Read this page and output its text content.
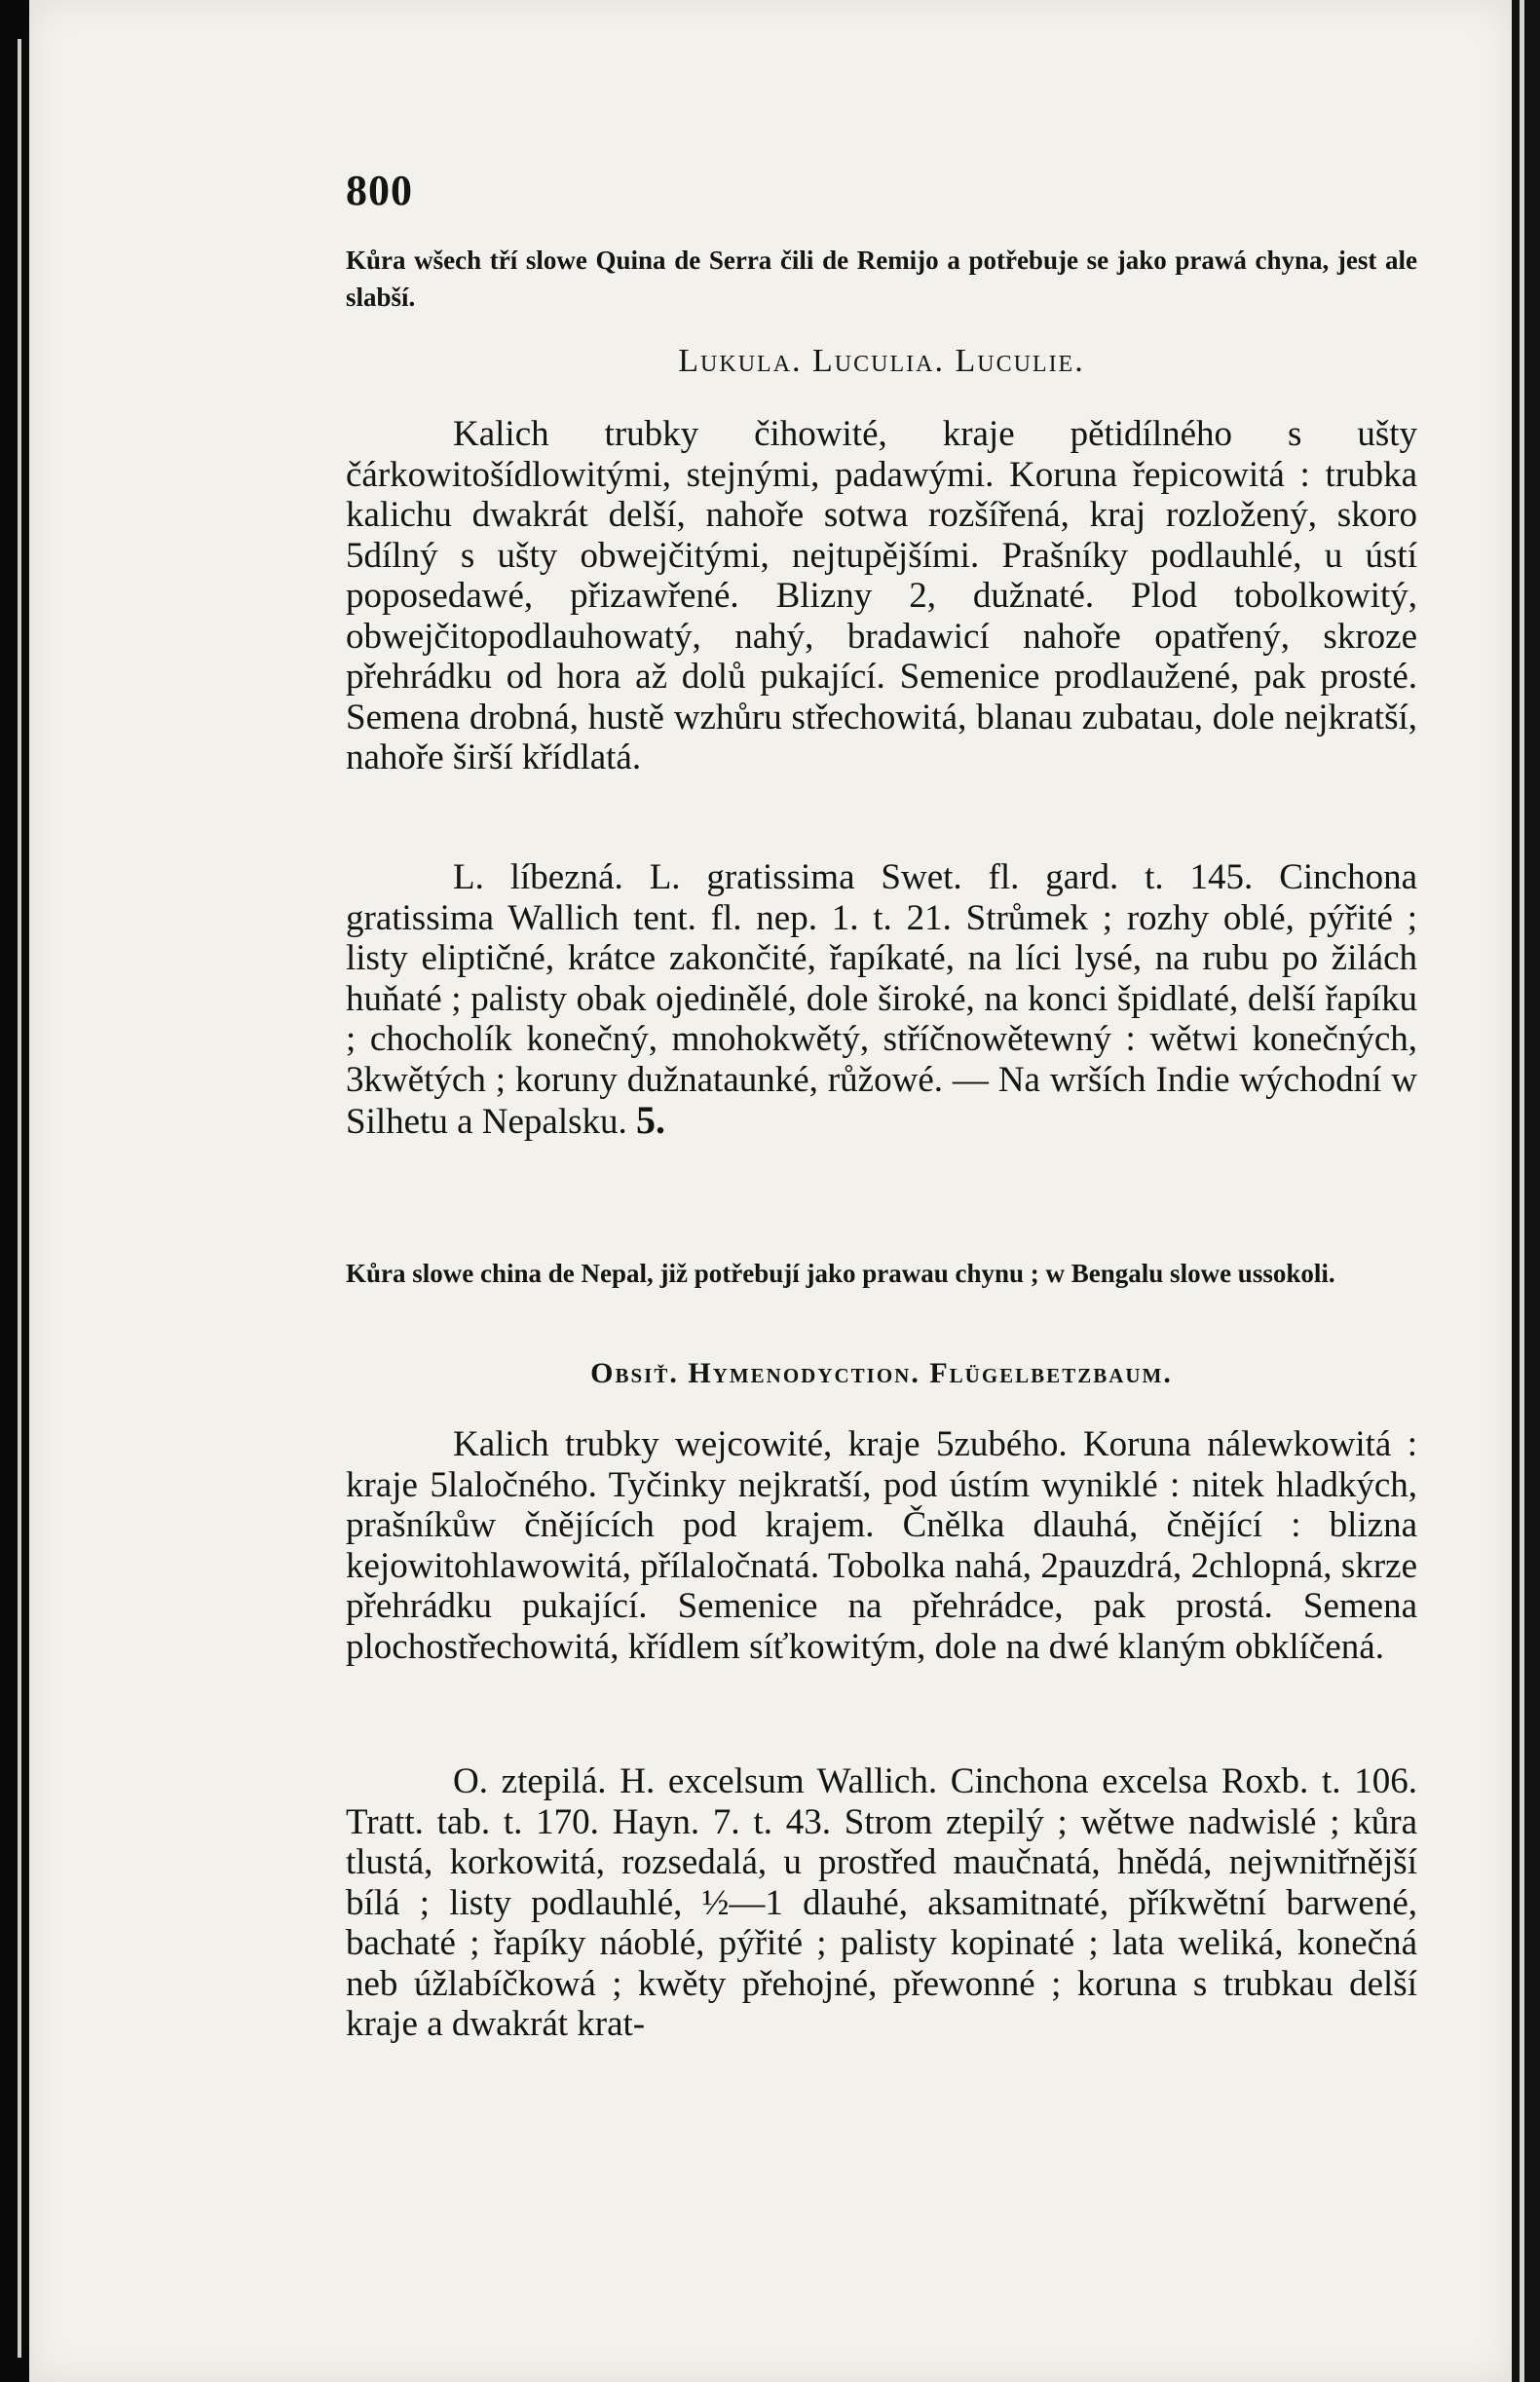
800
Kůra wšech tří slowe Quina de Serra čili de Remijo a potřebuje se jako prawá chyna, jest ale slabší.
Lukula. Luculia. Luculie.
Kalich trubky čihowité, kraje pětidílného s ušty čárkowitošídlowitými, stejnými, padawými. Koruna řepicowitá : trubka kalichu dwakrát delší, nahoře sotwa rozšířená, kraj rozložený, skoro 5dílný s ušty obwejčitými, nejtupějšími. Prašníky podlauhlé, u ústí poposedawé, přizawřené. Blizny 2, dužnaté. Plod tobolkowitý, obwejčitopodlauhowatý, nahý, bradawicí nahoře opatřený, skroze přehrádku od hora až dolů pukající. Semenice prodlaužené, pak prosté. Semena drobná, hustě wzhůru střechowitá, blanau zubatau, dole nejkratší, nahoře širší křídlatá.
L. líbezná. L. gratissima Swet. fl. gard. t. 145. Cinchona gratissima Wallich tent. fl. nep. 1. t. 21. Strůmek ; rozhy oblé, pýřité ; listy eliptičné, krátce zakončité, řapíkaté, na líci lysé, na rubu po žilách huňaté ; palisty obak ojedinělé, dole široké, na konci špidlaté, delší řapíku ; chocholík konečný, mnohokwětý, stříčnowětewný : wětwi konečných, 3kwětých ; koruny dužnataunké, růžowé. — Na wrších Indie wýchodní w Silhetu a Nepalsku. 5.
Kůra slowe china de Nepal, již potřebují jako prawau chynu ; w Bengalu slowe ussokoli.
Obsiť. Hymenodyction. Flügelbetzbaum.
Kalich trubky wejcowité, kraje 5zubého. Koruna nálewkowitá : kraje 5laločného. Tyčinky nejkratší, pod ústím wyniklé : nitek hladkých, prašníkůw čnějících pod krajem. Čnělka dlauhá, čnějící : blizna kejowitohlawowitá, přílaločnatá. Tobolka nahá, 2pauzdrá, 2chlopná, skrze přehrádku pukající. Semenice na přehrádce, pak prostá. Semena plochostřechowitá, křídlem síťkowitým, dole na dwé klaným obklíčená.
O. ztepilá. H. excelsum Wallich. Cinchona excelsa Roxb. t. 106. Tratt. tab. t. 170. Hayn. 7. t. 43. Strom ztepilý ; wětwe nadwislé ; kůra tlustá, korkowitá, rozsedalá, u prostřed maučnatá, hnědá, nejwnitřnější bílá ; listy podlauhlé, ½—1 dlauhé, aksamitnaté, příkwětní barwené, bachaté ; řapíky náoblé, pýřité ; palisty kopinaté ; lata weliká, konečná neb úžlabíčkowá ; kwěty přehojné, přewonné ; koruna s trubkau delší kraje a dwakrát krat-
